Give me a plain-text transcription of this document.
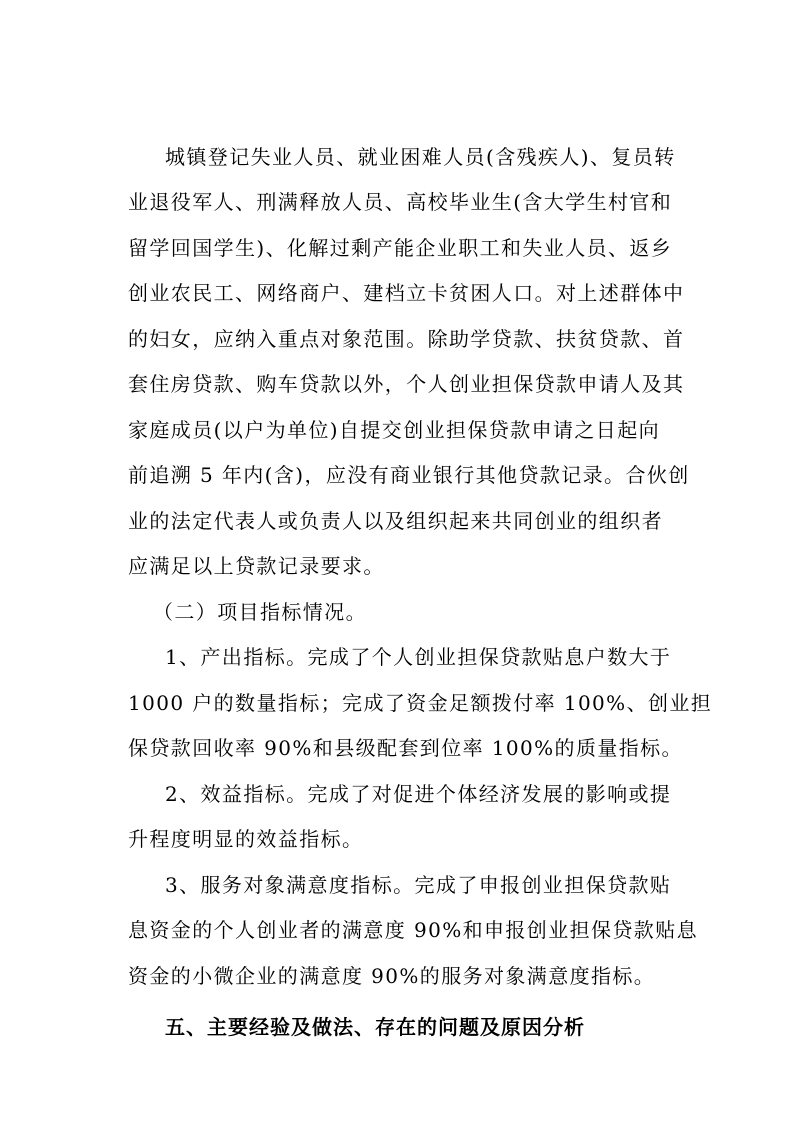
城镇登记失业人员、就业困难人员(含残疾人)、复员转
业退役军人、刑满释放人员、高校毕业生(含大学生村官和
留学回国学生)、化解过剩产能企业职工和失业人员、返乡
创业农民工、网络商户、建档立卡贫困人口。对上述群体中
的妇女，应纳入重点对象范围。除助学贷款、扶贫贷款、首
套住房贷款、购车贷款以外，个人创业担保贷款申请人及其
家庭成员(以户为单位)自提交创业担保贷款申请之日起向
前追溯 5 年内(含)，应没有商业银行其他贷款记录。合伙创
业的法定代表人或负责人以及组织起来共同创业的组织者
应满足以上贷款记录要求。
（二）项目指标情况。
1、产出指标。完成了个人创业担保贷款贴息户数大于
1000 户的数量指标；完成了资金足额拨付率 100%、创业担
保贷款回收率 90%和县级配套到位率 100%的质量指标。
2、效益指标。完成了对促进个体经济发展的影响或提
升程度明显的效益指标。
3、服务对象满意度指标。完成了申报创业担保贷款贴
息资金的个人创业者的满意度 90%和申报创业担保贷款贴息
资金的小微企业的满意度 90%的服务对象满意度指标。
五、主要经验及做法、存在的问题及原因分析
